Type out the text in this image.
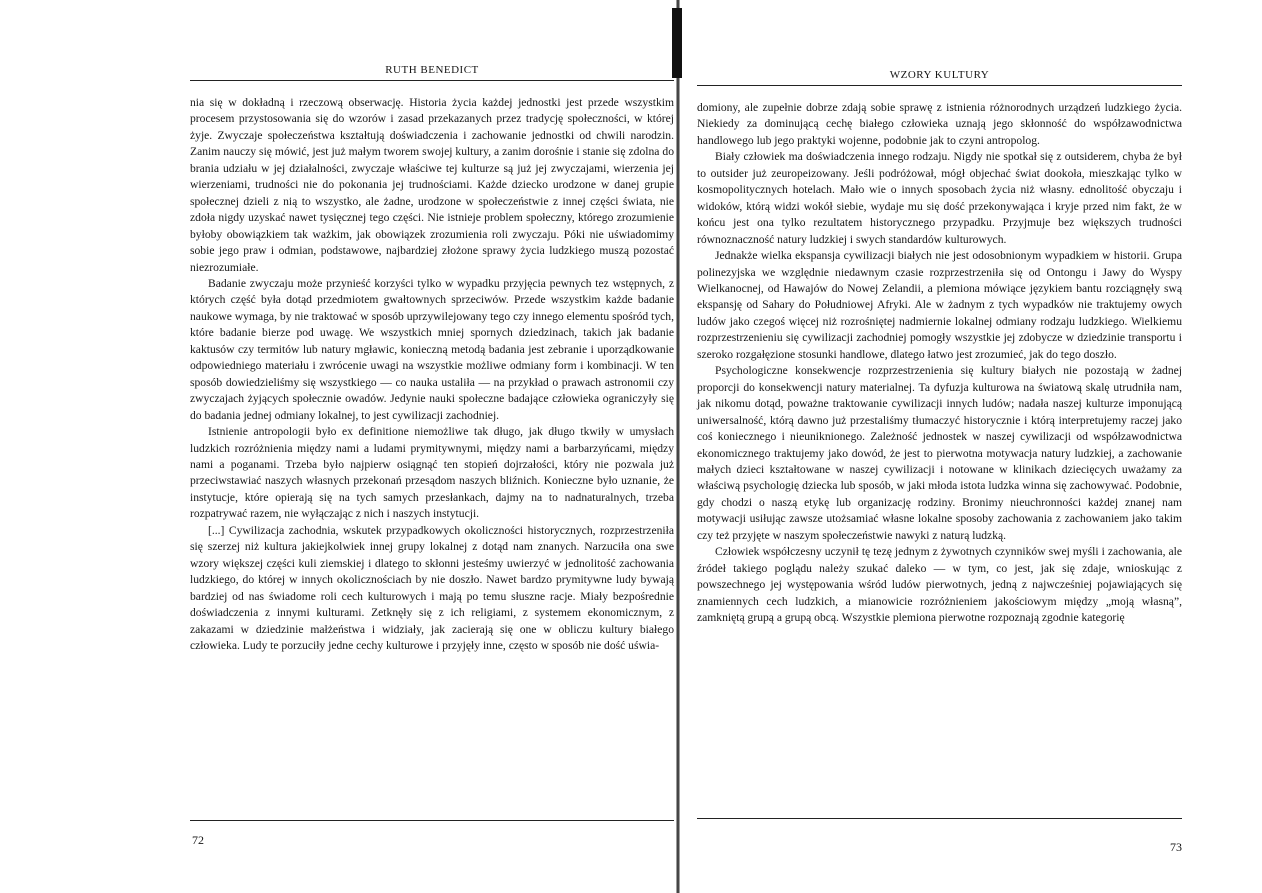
RUTH BENEDICT

nia się w dokładną i rzeczową obserwację. Historia życia każdej jednostki jest przede wszystkim procesem przystosowania się do wzorów i zasad przekazanych przez tradycję społeczności, w której żyje. Zwyczaje społeczeństwa kształtują doświadczenia i zachowanie jednostki od chwili narodzin. Zanim nauczy się mówić, jest już małym tworem swojej kultury, a zanim dorośnie i stanie się zdolna do brania udziału w jej działalności, zwyczaje właściwe tej kulturze są już jej zwyczajami, wierzenia jej wierzeniami, trudności nie do pokonania jej trudnościami. Każde dziecko urodzone w danej grupie społecznej dzieli z nią to wszystko, ale żadne, urodzone w społeczeństwie z innej części świata, nie zdoła nigdy uzyskać nawet tysięcznej tego części. Nie istnieje problem społeczny, którego zrozumienie byłoby obowiązkiem tak ważkim, jak obowiązek zrozumienia roli zwyczaju. Póki nie uświadomimy sobie jego praw i odmian, podstawowe, najbardziej złożone sprawy życia ludzkiego muszą pozostać niezrozumiałe.

Badanie zwyczaju może przynieść korzyści tylko w wypadku przyjęcia pewnych tez wstępnych, z których część była dotąd przedmiotem gwałtownych sprzeciwów. Przede wszystkim każde badanie naukowe wymaga, by nie traktować w sposób uprzywilejowany tego czy innego elementu spośród tych, które badanie bierze pod uwagę. We wszystkich mniej spornych dziedzinach, takich jak badanie kaktusów czy termitów lub natury mgławic, konieczną metodą badania jest zebranie i uporządkowanie odpowiedniego materiału i zwrócenie uwagi na wszystkie możliwe odmiany form i kombinacji. W ten sposób dowiedzieliśmy się wszystkiego — co nauka ustaliła — na przykład o prawach astronomii czy zwyczajach żyjących społecznie owadów. Jedynie nauki społeczne badające człowieka ograniczyły się do badania jednej odmiany lokalnej, to jest cywilizacji zachodniej.

Istnienie antropologii było ex definitione niemożliwe tak długo, jak długo tkwiły w umysłach ludzkich rozróżnienia między nami a ludami prymitywnymi, między nami a barbarzyńcami, między nami a poganami. Trzeba było najpierw osiągnąć ten stopień dojrzałości, który nie pozwala już przeciwstawiać naszych własnych przekonań przesądom naszych bliźnich. Konieczne było uznanie, że instytucje, które opierają się na tych samych przesłankach, dajmy na to nadnaturalnych, trzeba rozpatrywać razem, nie wyłączając z nich i naszych instytucji.

[...] Cywilizacja zachodnia, wskutek przypadkowych okoliczności historycznych, rozprzestrzeniła się szerzej niż kultura jakiejkolwiek innej grupy lokalnej z dotąd nam znanych. Narzuciła ona swe wzory większej części kuli ziemskiej i dlatego to skłonni jesteśmy uwierzyć w jednolitość zachowania ludzkiego, do której w innych okolicznościach by nie doszło. Nawet bardzo prymitywne ludy bywają bardziej od nas świadome roli cech kulturowych i mają po temu słuszne racje. Miały bezpośrednie doświadczenia z innymi kulturami. Zetknęły się z ich religiami, z systemem ekonomicznym, z zakazami w dziedzinie małżeństwa i widziały, jak zacierają się one w obliczu kultury białego człowieka. Ludy te porzuciły jedne cechy kulturowe i przyjęły inne, często w sposób nie dość uświa-

72
WZORY KULTURY

domiony, ale zupełnie dobrze zdają sobie sprawę z istnienia różnorodnych urządzeń ludzkiego życia. Niekiedy za dominującą cechę białego człowieka uznają jego skłonność do współzawodnictwa handlowego lub jego praktyki wojenne, podobnie jak to czyni antropolog.

Biały człowiek ma doświadczenia innego rodzaju. Nigdy nie spotkał się z outsiderem, chyba że był to outsider już zeuropeizowany. Jeśli podróżował, mógł objechać świat dookoła, mieszkając tylko w kosmopolitycznych hotelach. Mało wie o innych sposobach życia niż własny. ednolitość obyczaju i widoków, którą widzi wokół siebie, wydaje mu się dość przekonywająca i kryje przed nim fakt, że w końcu jest ona tylko rezultatem historycznego przypadku. Przyjmuje bez większych trudności równoznaczność natury ludzkiej i swych standardów kulturowych.

Jednakże wielka ekspansja cywilizacji białych nie jest odosobnionym wypadkiem w historii. Grupa polinezyjska we względnie niedawnym czasie rozprzestrzeniła się od Ontongu i Jawy do Wyspy Wielkanocnej, od Hawajów do Nowej Zelandii, a plemiona mówiące językiem bantu rozciągnęły swą ekspansję od Sahary do Południowej Afryki. Ale w żadnym z tych wypadków nie traktujemy owych ludów jako czegoś więcej niż rozrośniętej nadmiernie lokalnej odmiany rodzaju ludzkiego. Wielkiemu rozprzestrzenieniu się cywilizacji zachodniej pomogły wszystkie jej zdobycze w dziedzinie transportu i szeroko rozgałęzione stosunki handlowe, dlatego łatwo jest zrozumieć, jak do tego doszło.

Psychologiczne konsekwencje rozprzestrzenienia się kultury białych nie pozostają w żadnej proporcji do konsekwencji natury materialnej. Ta dyfuzja kulturowa na światową skalę utrudniła nam, jak nikomu dotąd, poważne traktowanie cywilizacji innych ludów; nadała naszej kulturze imponującą uniwersalność, którą dawno już przestaliśmy tłumaczyć historycznie i którą interpretujemy raczej jako coś koniecznego i nieuniknionego. Zależność jednostek w naszej cywilizacji od współzawodnictwa ekonomicznego traktujemy jako dowód, że jest to pierwotna motywacja natury ludzkiej, a zachowanie małych dzieci kształtowane w naszej cywilizacji i notowane w klinikach dziecięcych uważamy za właściwą psychologię dziecka lub sposób, w jaki młoda istota ludzka winna się zachowywać. Podobnie, gdy chodzi o naszą etykę lub organizację rodziny. Bronimy nieuchronności każdej znanej nam motywacji usiłując zawsze utożsamiać własne lokalne sposoby zachowania z zachowaniem jako takim czy też przyjęte w naszym społeczeństwie nawyki z naturą ludzką.

Człowiek współczesny uczynił tę tezę jednym z żywotnych czynników swej myśli i zachowania, ale źródeł takiego poglądu należy szukać daleko — w tym, co jest, jak się zdaje, wnioskując z powszechnego jej występowania wśród ludów pierwotnych, jedną z najwcześniej pojawiających się znamiennych cech ludzkich, a mianowicie rozróżnieniem jakościowym między „moją własną”, zamkniętą grupą a grupą obcą. Wszystkie plemiona pierwotne rozpoznają zgodnie kategorię

73
